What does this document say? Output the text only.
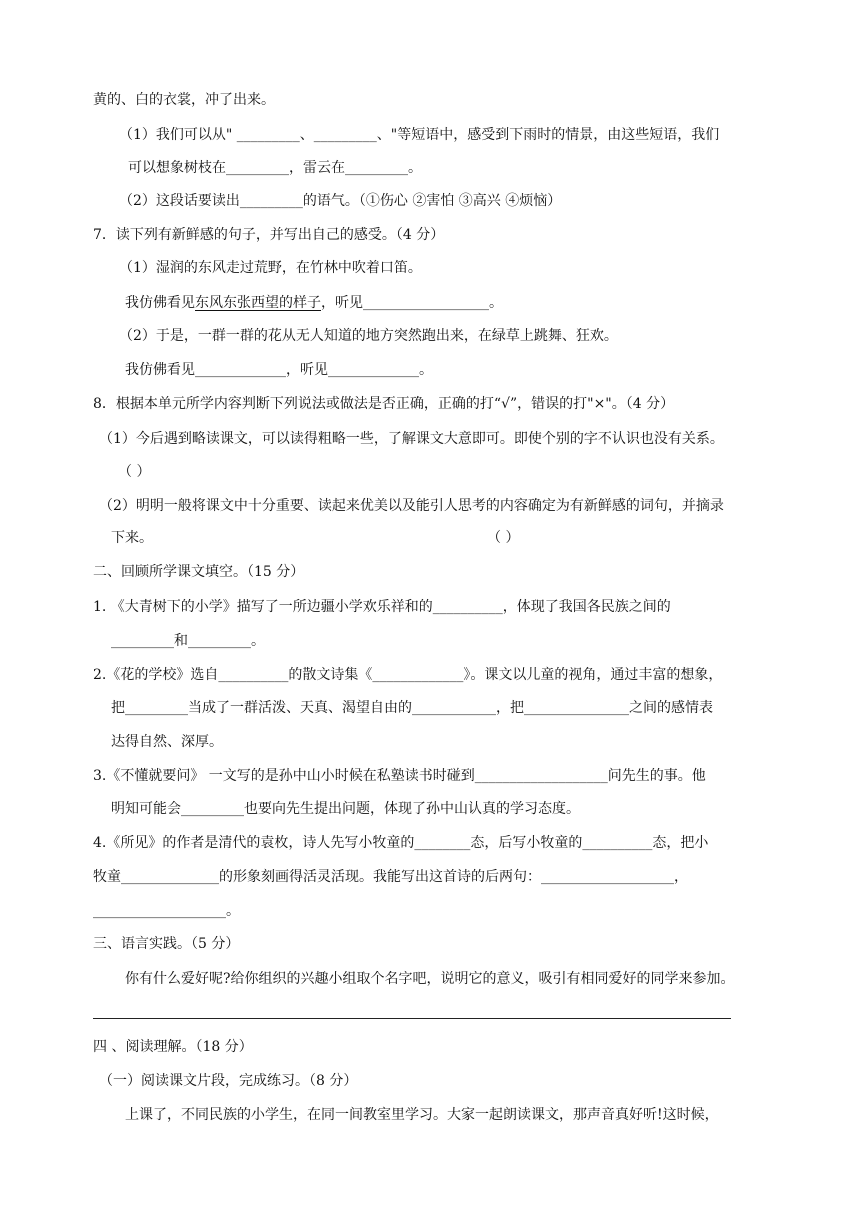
黄的、白的衣裳，冲了出来。
（1）我们可以从" _________、_________、"等短语中，感受到下雨时的情景，由这些短语，我们
可以想象树枝在_________，雷云在_________。
（2）这段话要读出_________的语气。（①伤心 ②害怕 ③高兴 ④烦恼）
7．读下列有新鲜感的句子，并写出自己的感受。（4 分）
（1）湿润的东风走过荒野，在竹林中吹着口笛。
我仿佛看见东风东张西望的样子，听见__________________。
（2）于是，一群一群的花从无人知道的地方突然跑出来，在绿草上跳舞、狂欢。
我仿佛看见_____________，听见_____________。
8．根据本单元所学内容判断下列说法或做法是否正确，正确的打“√”，错误的打"×"。（4 分）
（1）今后遇到略读课文，可以读得粗略一些，了解课文大意即可。即使个别的字不认识也没有关系。
（ ）
（2）明明一般将课文中十分重要、读起来优美以及能引人思考的内容确定为有新鲜感的词句，并摘录
下来。	（ ）
二、回顾所学课文填空。（15 分）
1. 《大青树下的小学》描写了一所边疆小学欢乐祥和的__________，体现了我国各民族之间的
_________和_________。
2.《花的学校》选自__________的散文诗集《_____________》。课文以儿童的视角，通过丰富的想象，
把_________当成了一群活泼、天真、渴望自由的____________，把_______________之间的感情表
达得自然、深厚。
3.《不懂就要问》 一文写的是孙中山小时候在私塾读书时碰到___________________问先生的事。他
明知可能会_________也要向先生提出问题，体现了孙中山认真的学习态度。
4.《所见》的作者是清代的袁枚，诗人先写小牧童的________态，后写小牧童的__________态，把小
牧童______________的形象刻画得活灵活现。我能写出这首诗的后两句：___________________，
___________________。
三、语言实践。（5 分）
你有什么爱好呢?给你组织的兴趣小组取个名字吧，说明它的意义，吸引有相同爱好的同学来参加。
四 、阅读理解。（18 分）
（一）阅读课文片段，完成练习。（8 分）
上课了，不同民族的小学生，在同一间教室里学习。大家一起朗读课文，那声音真好听!这时候，
